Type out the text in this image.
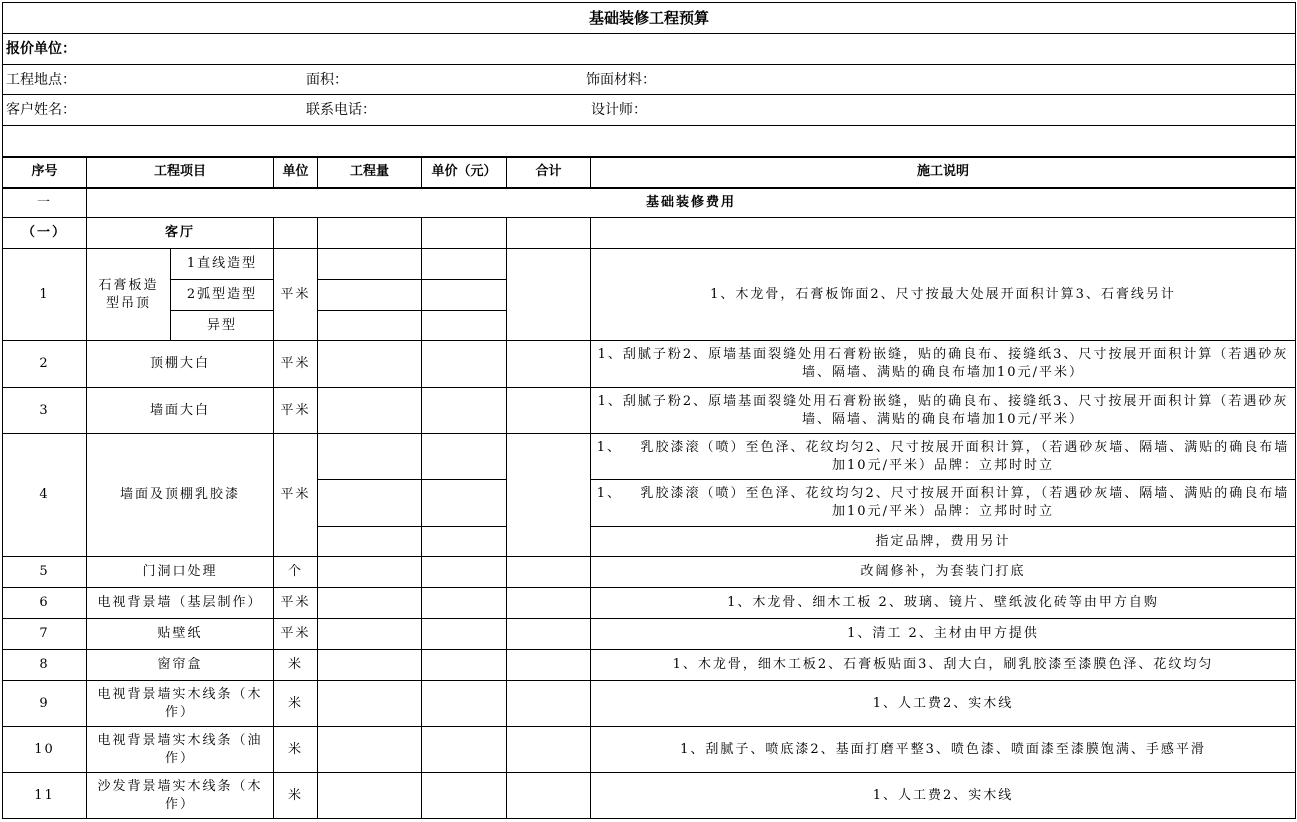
基础装修工程预算							
报价单位：							

工程地点： 面积： 饰面材料：							

客户姓名： 联系电话： 设计师：							

序号	工程项目		单位	工程量	单价（元）	合计	施工说明
一	基础装修费用						
（一）	客厅						
1	石膏板造型吊顶	1直线造型	平米				1、木龙骨，石膏板饰面2、尺寸按最大处展开面积计算3、石膏线另计
		2弧型造型					
		异型					
2	顶棚大白		平米				1、刮腻子粉2、原墙基面裂缝处用石膏粉嵌缝，贴的确良布、接缝纸3、尺寸按展开面积计算（若遇砂灰墙、隔墙、满贴的确良布墙加10元/平米）
3	墙面大白		平米				1、刮腻子粉2、原墙基面裂缝处用石膏粉嵌缝，贴的确良布、接缝纸3、尺寸按展开面积计算（若遇砂灰墙、隔墙、满贴的确良布墙加10元/平米）
4	墙面及顶棚乳胶漆		平米				1、   乳胶漆滚（喷）至色泽、花纹均匀2、尺寸按展开面积计算，（若遇砂灰墙、隔墙、满贴的确良布墙加10元/平米）品牌：立邦时时立
							1、   乳胶漆滚（喷）至色泽、花纹均匀2、尺寸按展开面积计算，（若遇砂灰墙、隔墙、满贴的确良布墙加10元/平米）品牌：立邦时时立
							指定品牌，费用另计
5	门洞口处理		个				改阔修补，为套装门打底
6	电视背景墙（基层制作）		平米				1、木龙骨、细木工板 2、玻璃、镜片、壁纸波化砖等由甲方自购
7	贴壁纸		平米				1、清工 2、主材由甲方提供
8	窗帘盒		米				1、木龙骨，细木工板2、石膏板贴面3、刮大白，刷乳胶漆至漆膜色泽、花纹均匀
9	电视背景墙实木线条（木作）		米				1、人工费2、实木线
10	电视背景墙实木线条（油作）		米				1、刮腻子、喷底漆2、基面打磨平整3、喷色漆、喷面漆至漆膜饱满、手感平滑
11	沙发背景墙实木线条（木作）		米				1、人工费2、实木线
